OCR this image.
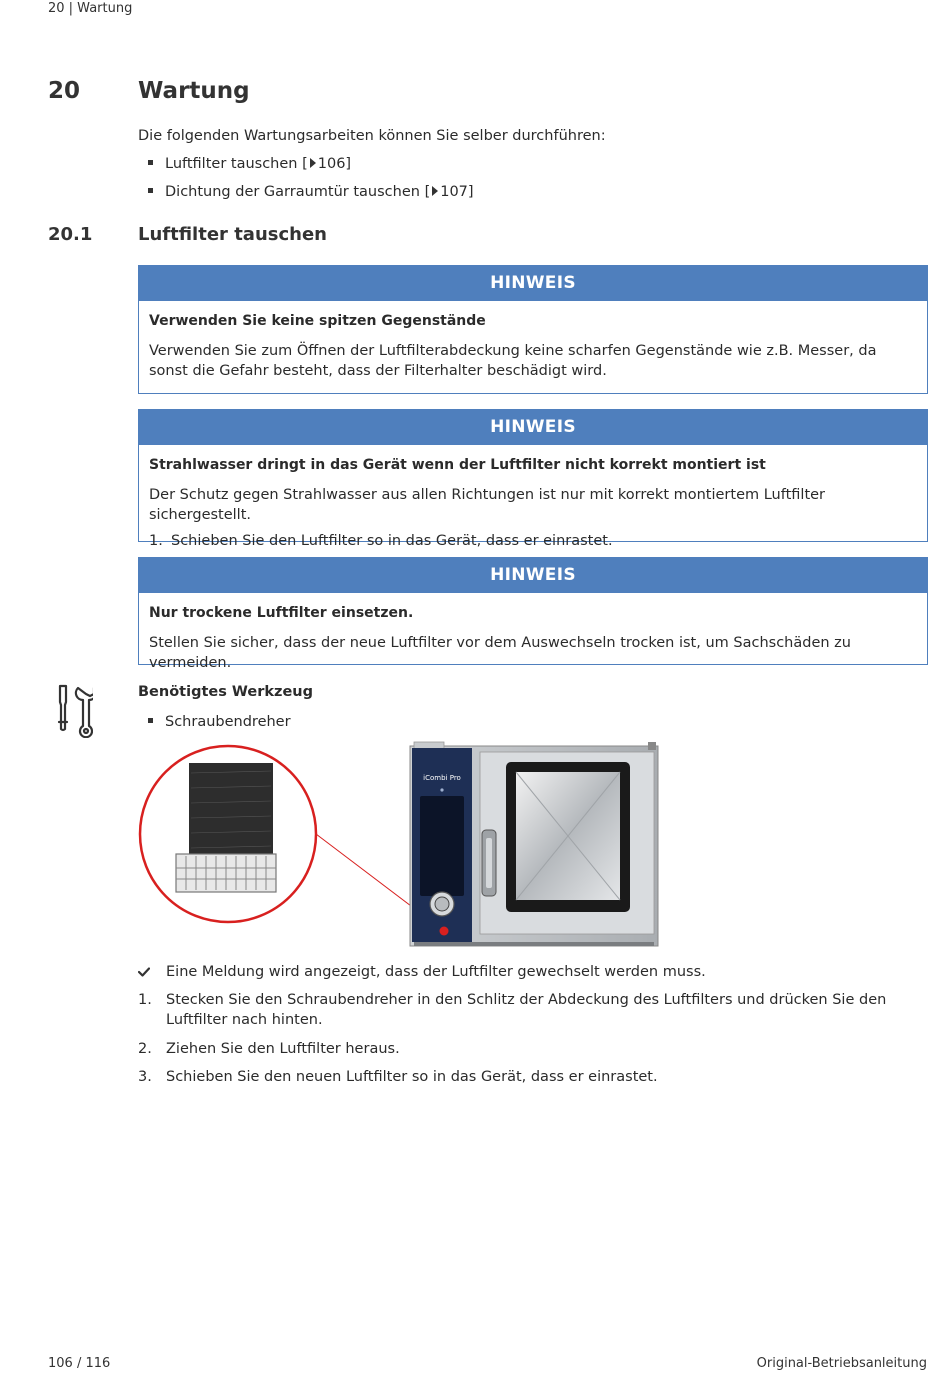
20 | Wartung
20	Wartung
Die folgenden Wartungsarbeiten können Sie selber durchführen:
Luftfilter tauschen [ 106]
Dichtung der Garraumtür tauschen [ 107]
20.1	Luftfilter tauschen
HINWEIS
Verwenden Sie keine spitzen Gegenstände
Verwenden Sie zum Öffnen der Luftfilterabdeckung keine scharfen Gegenstände wie z.B. Messer, da sonst die Gefahr besteht, dass der Filterhalter beschädigt wird.
HINWEIS
Strahlwasser dringt in das Gerät wenn der Luftfilter nicht korrekt montiert ist
Der Schutz gegen Strahlwasser aus allen Richtungen ist nur mit korrekt montiertem Luftfilter sichergestellt.
1. Schieben Sie den Luftfilter so in das Gerät, dass er einrastet.
HINWEIS
Nur trockene Luftfilter einsetzen.
Stellen Sie sicher, dass der neue Luftfilter vor dem Auswechseln trocken ist, um Sachschäden zu vermeiden.
Benötigtes Werkzeug
Schraubendreher
iCombi Pro
Eine Meldung wird angezeigt, dass der Luftfilter gewechselt werden muss.
1. Stecken Sie den Schraubendreher in den Schlitz der Abdeckung des Luftfilters und drücken Sie den Luftfilter nach hinten.
2. Ziehen Sie den Luftfilter heraus.
3. Schieben Sie den neuen Luftfilter so in das Gerät, dass er einrastet.
106 / 116	Original-Betriebsanleitung
